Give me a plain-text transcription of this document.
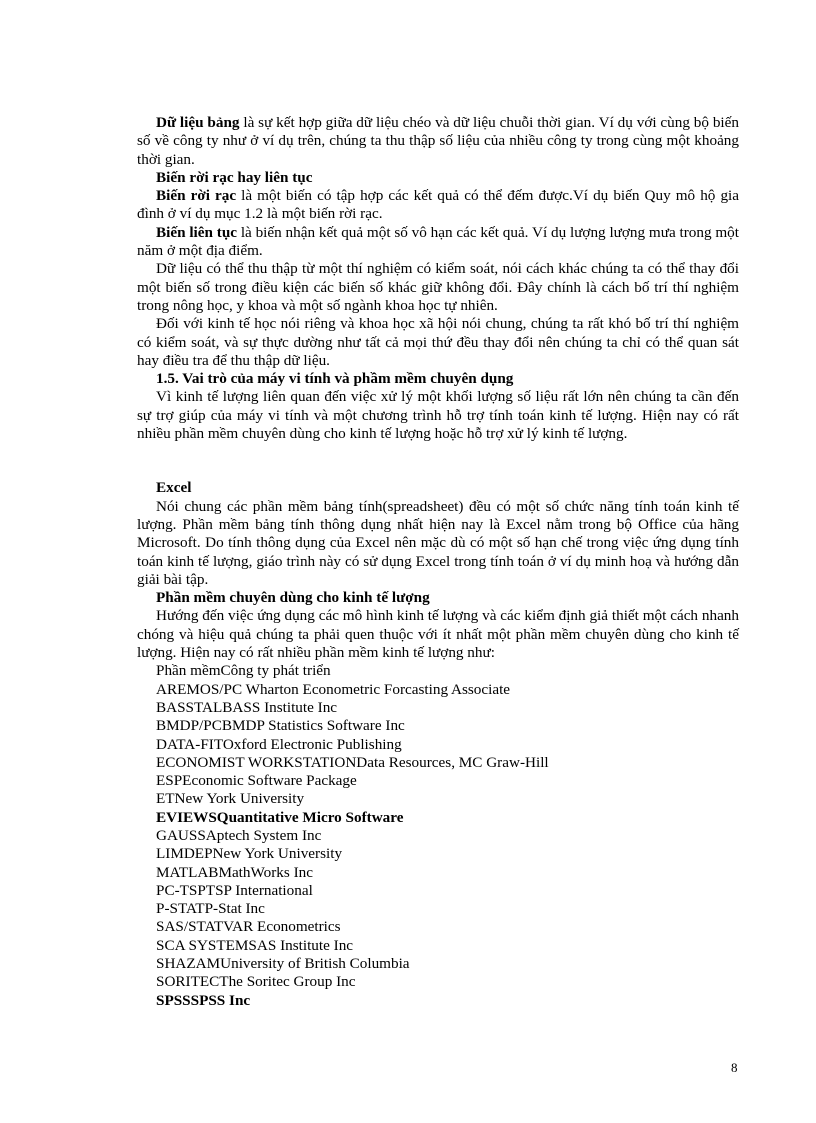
Dữ liệu bảng là sự kết hợp giữa dữ liệu chéo và dữ liệu chuỗi thời gian. Ví dụ với cùng bộ biến số về công ty như ở ví dụ trên, chúng ta thu thập số liệu của nhiều công ty trong cùng một khoảng thời gian.

Biến rời rạc hay liên tục

Biến rời rạc là một biến có tập hợp các kết quả có thể đếm được.Ví dụ biến Quy mô hộ gia đình ở ví dụ mục 1.2 là một biến rời rạc.

Biến liên tục là biến nhận kết quả một số vô hạn các kết quả. Ví dụ lượng lượng mưa trong một năm ở một địa điểm.

Dữ liệu có thể thu thập từ một thí nghiệm có kiểm soát, nói cách khác chúng ta có thể thay đổi một biến số trong điều kiện các biến số khác giữ không đổi. Đây chính là cách bố trí thí nghiệm trong nông học, y khoa và một số ngành khoa học tự nhiên.

Đối với kinh tế học nói riêng và khoa học xã hội nói chung, chúng ta rất khó bố trí thí nghiệm có kiểm soát, và sự thực dường như tất cả mọi thứ đều thay đổi nên chúng ta chỉ có thể quan sát hay điều tra để thu thập dữ liệu.

1.5. Vai trò của máy vi tính và phầm mềm chuyên dụng

Vì kinh tế lượng liên quan đến việc xử lý một khối lượng số liệu rất lớn nên chúng ta cần đến sự trợ giúp của máy vi tính và một chương trình hỗ trợ tính toán kinh tế lượng. Hiện nay có rất nhiều phần mềm chuyên dùng cho kinh tế lượng hoặc hỗ trợ xử lý kinh tế lượng.

Excel

Nói chung các phần mềm bảng tính(spreadsheet) đều có một số chức năng tính toán kinh tế lượng. Phần mềm bảng tính thông dụng nhất hiện nay là Excel nằm trong bộ Office của hãng Microsoft. Do tính thông dụng của Excel nên mặc dù có một số hạn chế trong việc ứng dụng tính toán kinh tế lượng, giáo trình này có sử dụng Excel trong tính toán ở ví dụ minh hoạ và hướng dẫn giải bài tập.

Phần mềm chuyên dùng cho kinh tế lượng

Hướng đến việc ứng dụng các mô hình kinh tế lượng và các kiểm định giả thiết một cách nhanh chóng và hiệu quả chúng ta phải quen thuộc với ít nhất một phần mềm chuyên dùng cho kinh tế lượng. Hiện nay có rất nhiều phần mềm kinh tế lượng như:

Phần mềmCông ty phát triển
AREMOS/PC Wharton Econometric Forcasting Associate
BASSTALBASS Institute Inc
BMDP/PCBMDP Statistics Software Inc
DATA-FITOxford Electronic Publishing
ECONOMIST WORKSTATIONData Resources, MC Graw-Hill
ESPEconomic Software Package
ETNew York University
EVIEWSQuantitative Micro Software
GAUSSAptech System Inc
LIMDEPNew York University
MATLABMathWorks Inc
PC-TSPTSP International
P-STATP-Stat Inc
SAS/STATVAR Econometrics
SCA SYSTEMSAS Institute Inc
SHAZAMUniversity of British Columbia
SORITECThe Soritec Group Inc
SPSSSPSS Inc
8
